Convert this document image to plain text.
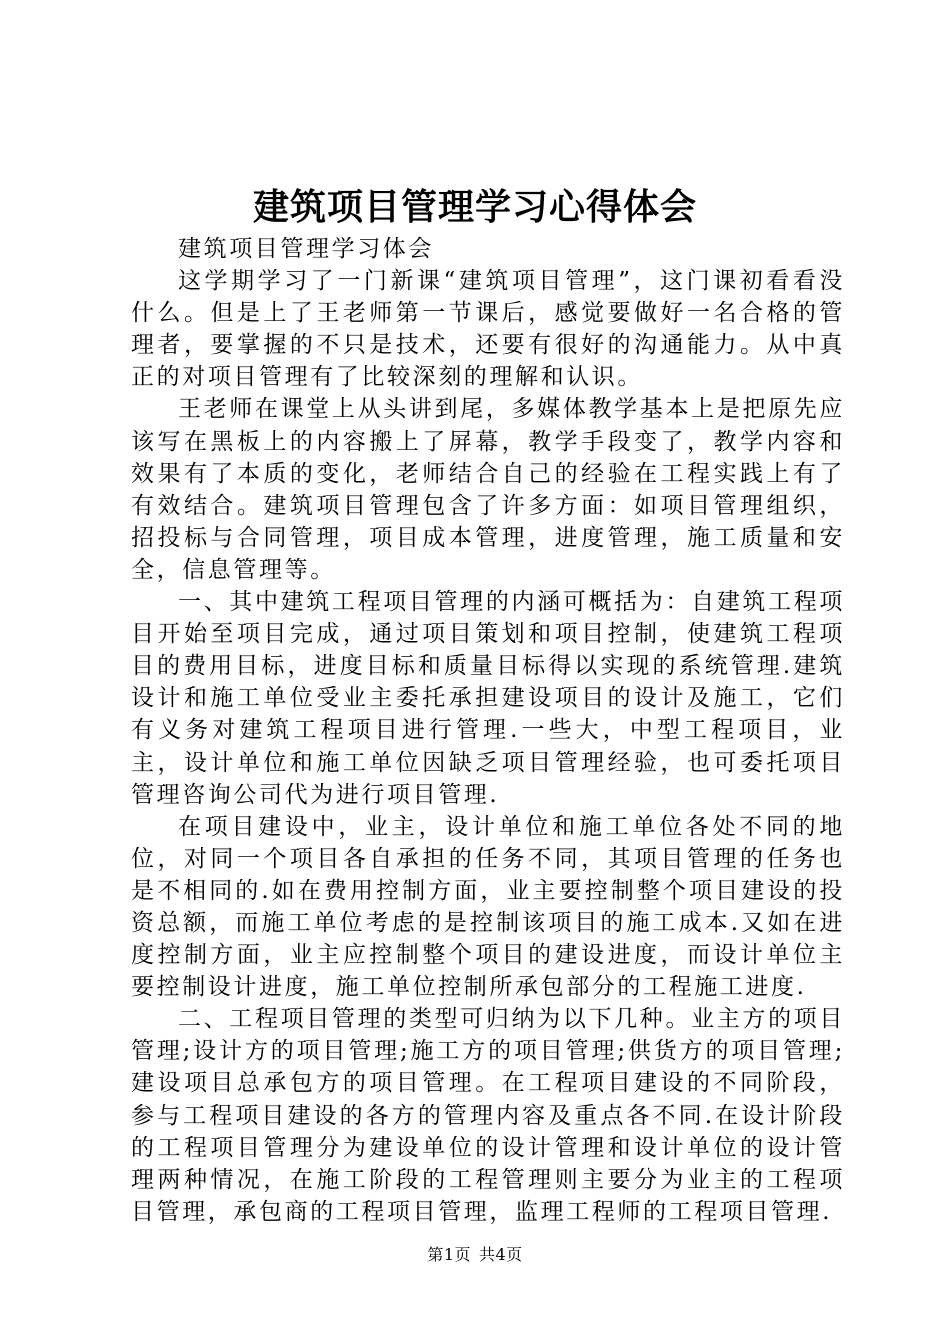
建筑项目管理学习心得体会

建筑项目管理学习体会

这学期学习了一门新课“建筑项目管理”，这门课初看看没什么。但是上了王老师第一节课后，感觉要做好一名合格的管理者，要掌握的不只是技术，还要有很好的沟通能力。从中真正的对项目管理有了比较深刻的理解和认识。

王老师在课堂上从头讲到尾，多媒体教学基本上是把原先应该写在黑板上的内容搬上了屏幕，教学手段变了，教学内容和效果有了本质的变化，老师结合自己的经验在工程实践上有了有效结合。建筑项目管理包含了许多方面：如项目管理组织，招投标与合同管理，项目成本管理，进度管理，施工质量和安全，信息管理等。

一、其中建筑工程项目管理的内涵可概括为：自建筑工程项目开始至项目完成，通过项目策划和项目控制，使建筑工程项目的费用目标，进度目标和质量目标得以实现的系统管理.建筑设计和施工单位受业主委托承担建设项目的设计及施工，它们有义务对建筑工程项目进行管理.一些大，中型工程项目，业主，设计单位和施工单位因缺乏项目管理经验，也可委托项目管理咨询公司代为进行项目管理.

在项目建设中，业主，设计单位和施工单位各处不同的地位，对同一个项目各自承担的任务不同，其项目管理的任务也是不相同的.如在费用控制方面，业主要控制整个项目建设的投资总额，而施工单位考虑的是控制该项目的施工成本.又如在进度控制方面，业主应控制整个项目的建设进度，而设计单位主要控制设计进度，施工单位控制所承包部分的工程施工进度.

二、工程项目管理的类型可归纳为以下几种。业主方的项目管理;设计方的项目管理;施工方的项目管理;供货方的项目管理;建设项目总承包方的项目管理。在工程项目建设的不同阶段，参与工程项目建设的各方的管理内容及重点各不同.在设计阶段的工程项目管理分为建设单位的设计管理和设计单位的设计管理两种情况，在施工阶段的工程管理则主要分为业主的工程项目管理，承包商的工程项目管理，监理工程师的工程项目管理.

第1页 共4页
